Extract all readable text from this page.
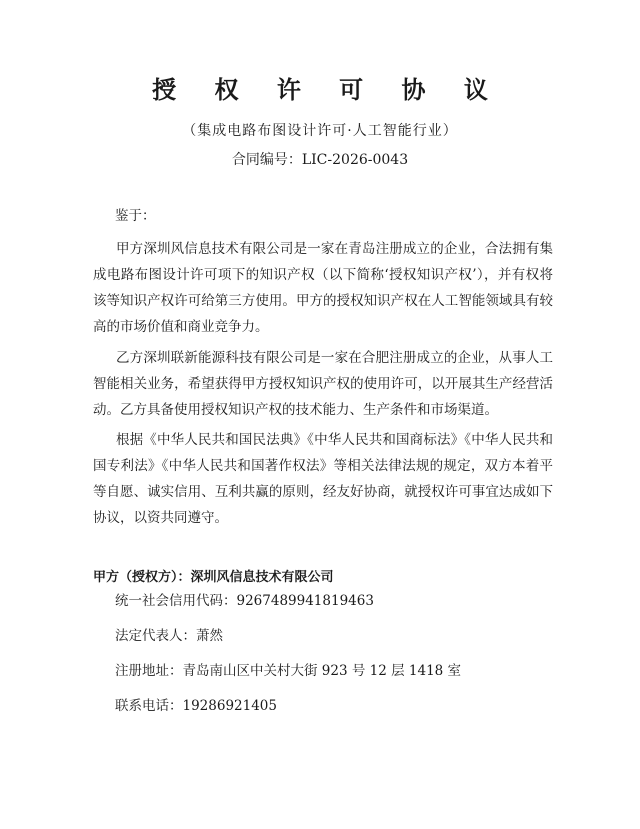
授 权 许 可 协 议
（集成电路布图设计许可·人工智能行业）
合同编号：LIC-2026-0043
鉴于：

甲方深圳风信息技术有限公司是一家在青岛注册成立的企业，合法拥有集成电路布图设计许可项下的知识产权（以下简称‘授权知识产权’），并有权将该等知识产权许可给第三方使用。甲方的授权知识产权在人工智能领域具有较高的市场价值和商业竞争力。

乙方深圳联新能源科技有限公司是一家在合肥注册成立的企业，从事人工智能相关业务，希望获得甲方授权知识产权的使用许可，以开展其生产经营活动。乙方具备使用授权知识产权的技术能力、生产条件和市场渠道。

根据《中华人民共和国民法典》《中华人民共和国商标法》《中华人民共和国专利法》《中华人民共和国著作权法》等相关法律法规的规定，双方本着平等自愿、诚实信用、互利共赢的原则，经友好协商，就授权许可事宜达成如下协议，以资共同遵守。

甲方（授权方）：深圳风信息技术有限公司
统一社会信用代码：9267489941819463
法定代表人：萧然
注册地址：青岛南山区中关村大街 923 号 12 层 1418 室
联系电话：19286921405
